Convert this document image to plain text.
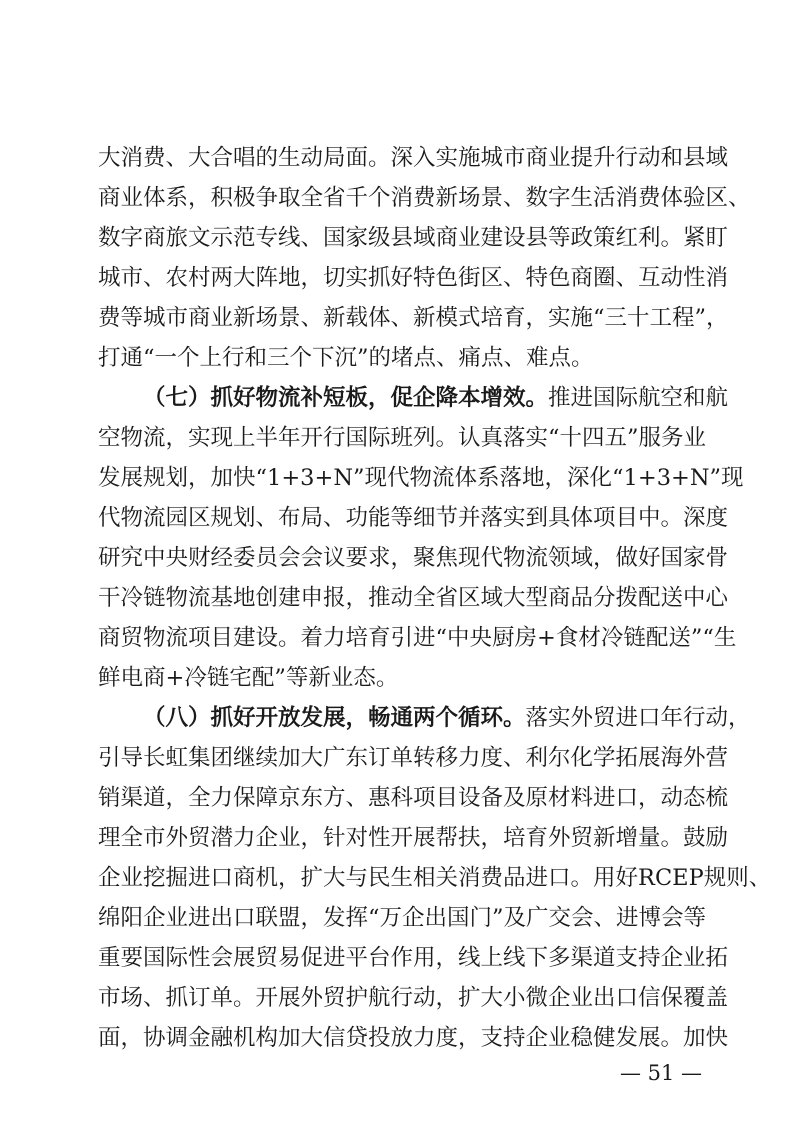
大消费、大合唱的生动局面。深入实施城市商业提升行动和县域
商业体系，积极争取全省千个消费新场景、数字生活消费体验区、
数字商旅文示范专线、国家级县域商业建设县等政策红利。紧盯
城市、农村两大阵地，切实抓好特色街区、特色商圈、互动性消
费等城市商业新场景、新载体、新模式培育，实施“三十工程”，
打通“一个上行和三个下沉”的堵点、痛点、难点。
（七）抓好物流补短板，促企降本增效。推进国际航空和航
空物流，实现上半年开行国际班列。认真落实“十四五”服务业
发展规划，加快“1+3+N”现代物流体系落地，深化“1+3+N”现
代物流园区规划、布局、功能等细节并落实到具体项目中。深度
研究中央财经委员会会议要求，聚焦现代物流领域，做好国家骨
干冷链物流基地创建申报，推动全省区域大型商品分拨配送中心
商贸物流项目建设。着力培育引进“中央厨房+食材冷链配送”“生
鲜电商+冷链宅配”等新业态。
（八）抓好开放发展，畅通两个循环。落实外贸进口年行动，
引导长虹集团继续加大广东订单转移力度、利尔化学拓展海外营
销渠道，全力保障京东方、惠科项目设备及原材料进口，动态梳
理全市外贸潜力企业，针对性开展帮扶，培育外贸新增量。鼓励
企业挖掘进口商机，扩大与民生相关消费品进口。用好RCEP规则、
绵阳企业进出口联盟，发挥“万企出国门”及广交会、进博会等
重要国际性会展贸易促进平台作用，线上线下多渠道支持企业拓
市场、抓订单。开展外贸护航行动，扩大小微企业出口信保覆盖
面，协调金融机构加大信贷投放力度，支持企业稳健发展。加快
— 51 —
